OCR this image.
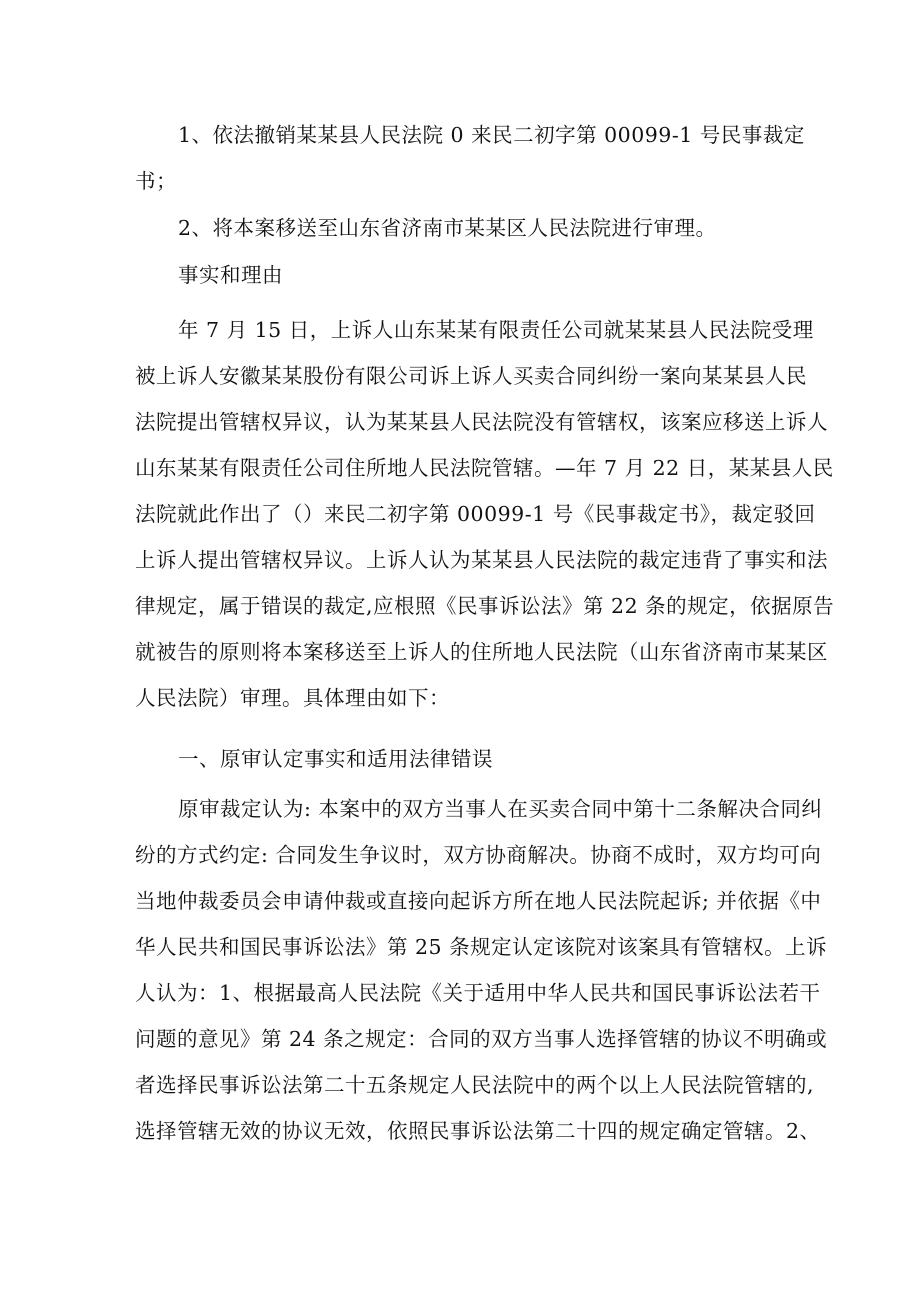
1、依法撤销某某县人民法院 0 来民二初字第 00099-1 号民事裁定
书；
2、将本案移送至山东省济南市某某区人民法院进行审理。
事实和理由
年 7 月 15 日，上诉人山东某某有限责任公司就某某县人民法院受理
被上诉人安徽某某股份有限公司诉上诉人买卖合同纠纷一案向某某县人民
法院提出管辖权异议，认为某某县人民法院没有管辖权，该案应移送上诉人
山东某某有限责任公司住所地人民法院管辖。—年 7 月 22 日，某某县人民
法院就此作出了（）来民二初字第 00099-1 号《民事裁定书》，裁定驳回
上诉人提出管辖权异议。上诉人认为某某县人民法院的裁定违背了事实和法
律规定，属于错误的裁定,应根照《民事诉讼法》第 22 条的规定，依据原告
就被告的原则将本案移送至上诉人的住所地人民法院（山东省济南市某某区
人民法院）审理。具体理由如下：
一、原审认定事实和适用法律错误
原审裁定认为: 本案中的双方当事人在买卖合同中第十二条解决合同纠
纷的方式约定: 合同发生争议时，双方协商解决。协商不成时，双方均可向
当地仲裁委员会申请仲裁或直接向起诉方所在地人民法院起诉; 并依据《中
华人民共和国民事诉讼法》第 25 条规定认定该院对该案具有管辖权。上诉
人认为：1、根据最高人民法院《关于适用中华人民共和国民事诉讼法若干
问题的意见》第 24 条之规定：合同的双方当事人选择管辖的协议不明确或
者选择民事诉讼法第二十五条规定人民法院中的两个以上人民法院管辖的,
选择管辖无效的协议无效，依照民事诉讼法第二十四的规定确定管辖。2、
